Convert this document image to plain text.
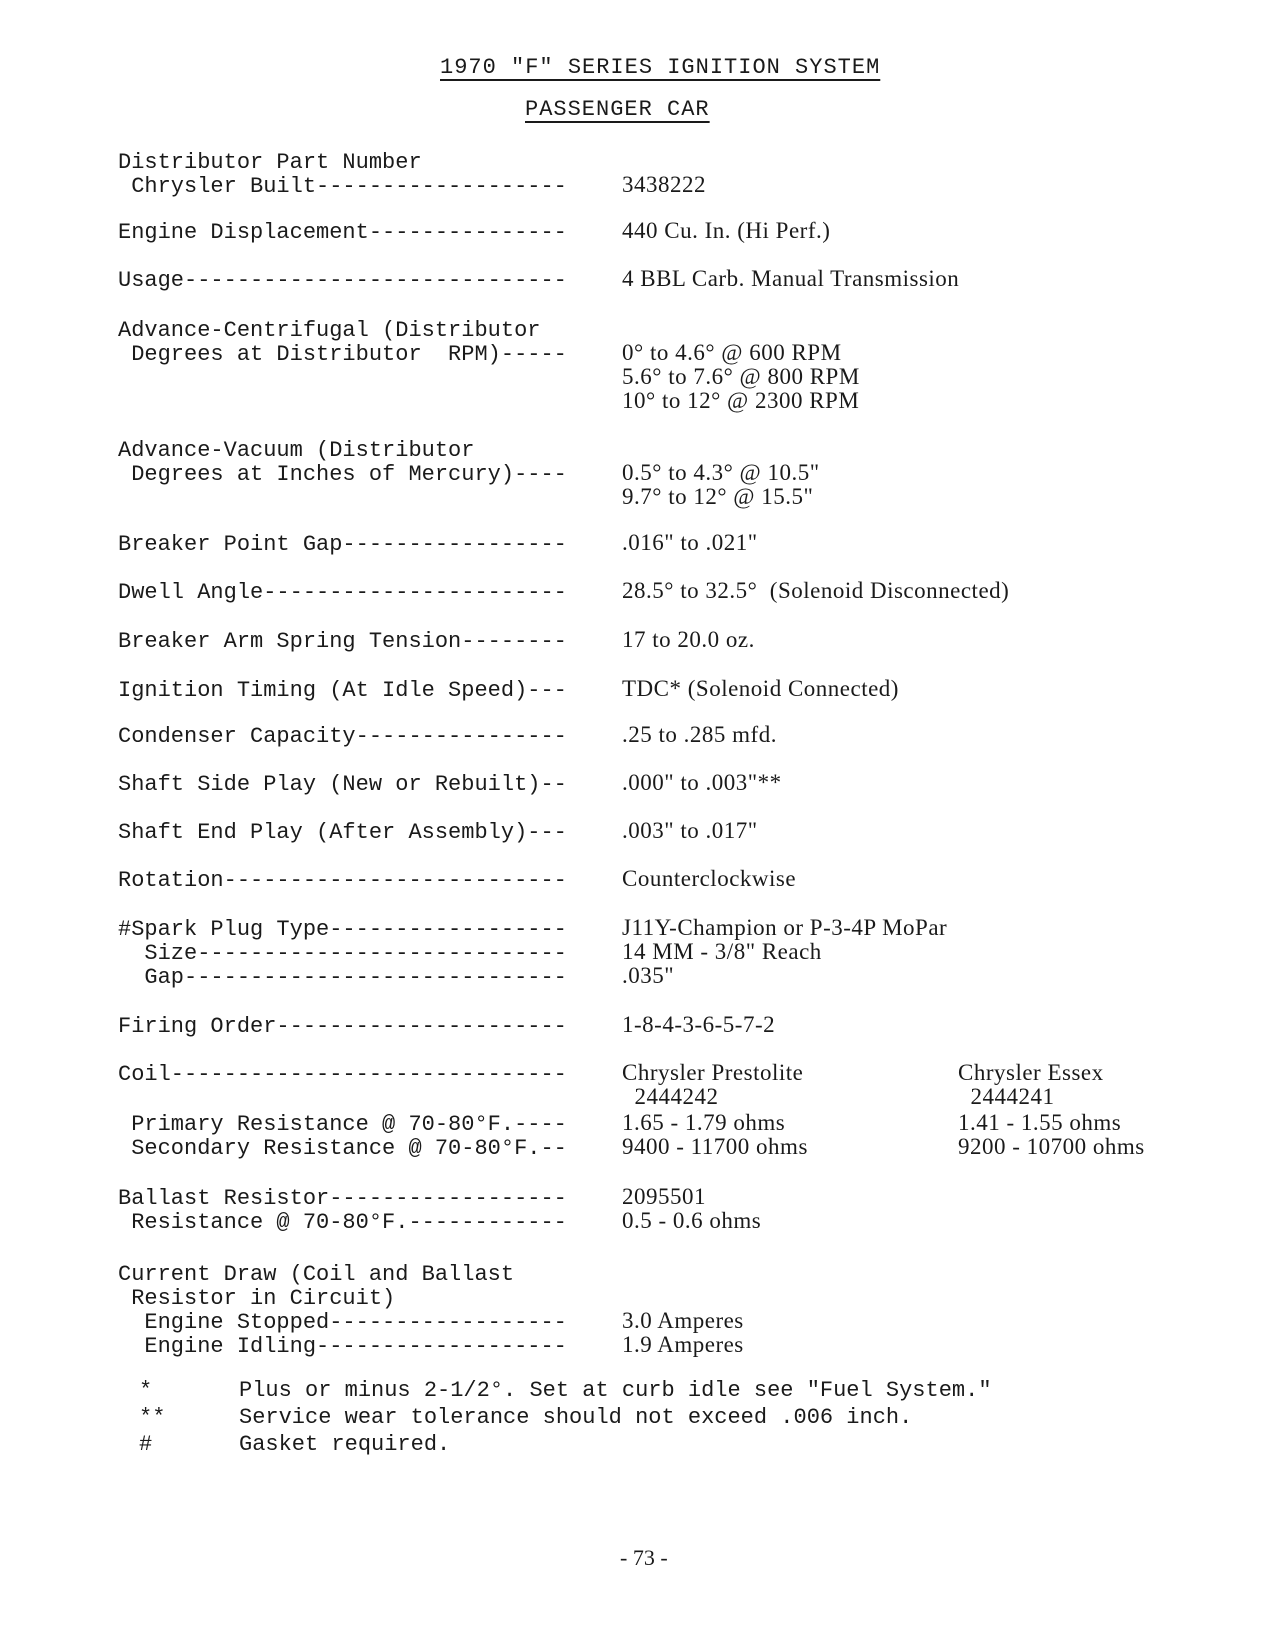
1970 "F" SERIES IGNITION SYSTEM
PASSENGER CAR
Distributor Part Number
Chrysler Built------------------- 3438222
Engine Displacement--------------- 440 Cu. In. (Hi Perf.)
Usage----------------------------- 4 BBL Carb. Manual Transmission
Advance-Centrifugal (Distributor
Degrees at Distributor  RPM)----- 0° to 4.6° @ 600 RPM
5.6° to 7.6° @ 800 RPM
10° to 12° @ 2300 RPM
Advance-Vacuum (Distributor
Degrees at Inches of Mercury)---- 0.5° to 4.3° @ 10.5"
9.7° to 12° @ 15.5"
Breaker Point Gap----------------- .016" to .021"
Dwell Angle----------------------- 28.5° to 32.5°  (Solenoid Disconnected)
Breaker Arm Spring Tension-------- 17 to 20.0 oz.
Ignition Timing (At Idle Speed)--- TDC* (Solenoid Connected)
Condenser Capacity---------------- .25 to .285 mfd.
Shaft Side Play (New or Rebuilt)-- .000" to .003"**
Shaft End Play (After Assembly)--- .003" to .017"
Rotation-------------------------- Counterclockwise
#Spark Plug Type------------------ J11Y-Champion or P-3-4P MoPar
Size---------------------------- 14 MM - 3/8" Reach
Gap----------------------------- .035"
Firing Order---------------------- 1-8-4-3-6-5-7-2
Coil------------------------------ Chrysler Prestolite	Chrysler Essex
2444242	2444241
Primary Resistance @ 70-80°F.---- 1.65 - 1.79 ohms	1.41 - 1.55 ohms
Secondary Resistance @ 70-80°F.-- 9400 - 11700 ohms	9200 - 10700 ohms
Ballast Resistor------------------ 2095501
Resistance @ 70-80°F.------------ 0.5 - 0.6 ohms
Current Draw (Coil and Ballast
Resistor in Circuit)
Engine Stopped------------------ 3.0 Amperes
Engine Idling------------------- 1.9 Amperes
*	Plus or minus 2-1/2°. Set at curb idle see "Fuel System."
**	Service wear tolerance should not exceed .006 inch.
#	Gasket required.
- 73 -
